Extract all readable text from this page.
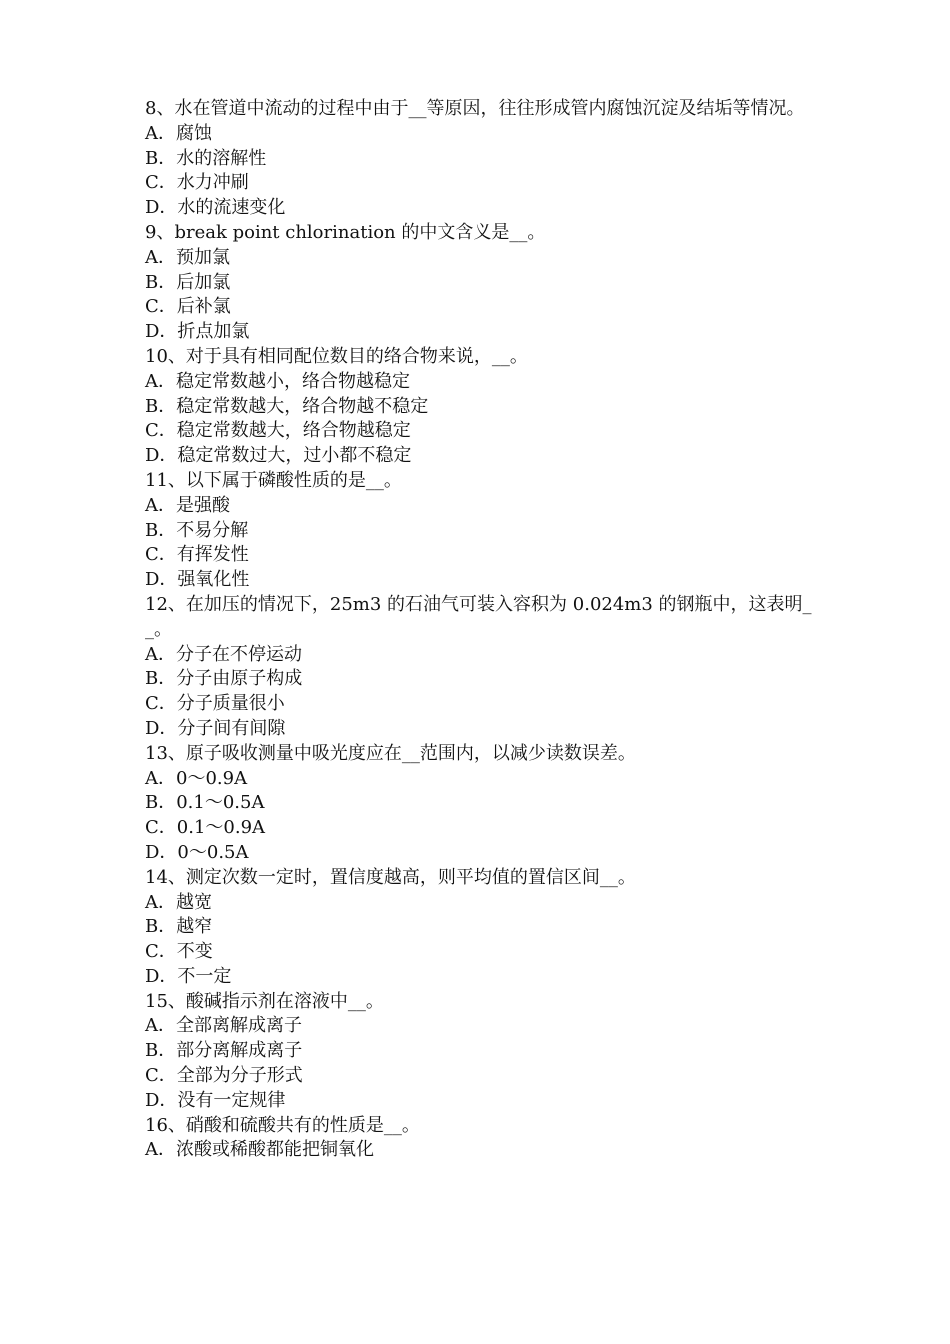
8、水在管道中流动的过程中由于__等原因，往往形成管内腐蚀沉淀及结垢等情况。

A．腐蚀

B．水的溶解性

C．水力冲刷

D．水的流速变化

9、break point chlorination 的中文含义是__。

A．预加氯

B．后加氯

C．后补氯

D．折点加氯

10、对于具有相同配位数目的络合物来说，__。

A．稳定常数越小，络合物越稳定

B．稳定常数越大，络合物越不稳定

C．稳定常数越大，络合物越稳定

D．稳定常数过大，过小都不稳定

11、以下属于磷酸性质的是__。

A．是强酸

B．不易分解

C．有挥发性

D．强氧化性

12、在加压的情况下，25m3 的石油气可装入容积为 0.024m3 的钢瓶中，这表明__。

A．分子在不停运动

B．分子由原子构成

C．分子质量很小

D．分子间有间隙

13、原子吸收测量中吸光度应在__范围内，以减少读数误差。

A．0～0.9A

B．0.1～0.5A

C．0.1～0.9A

D．0～0.5A

14、测定次数一定时，置信度越高，则平均值的置信区间__。

A．越宽

B．越窄

C．不变

D．不一定

15、酸碱指示剂在溶液中__。

A．全部离解成离子

B．部分离解成离子

C．全部为分子形式

D．没有一定规律

16、硝酸和硫酸共有的性质是__。

A．浓酸或稀酸都能把铜氧化
